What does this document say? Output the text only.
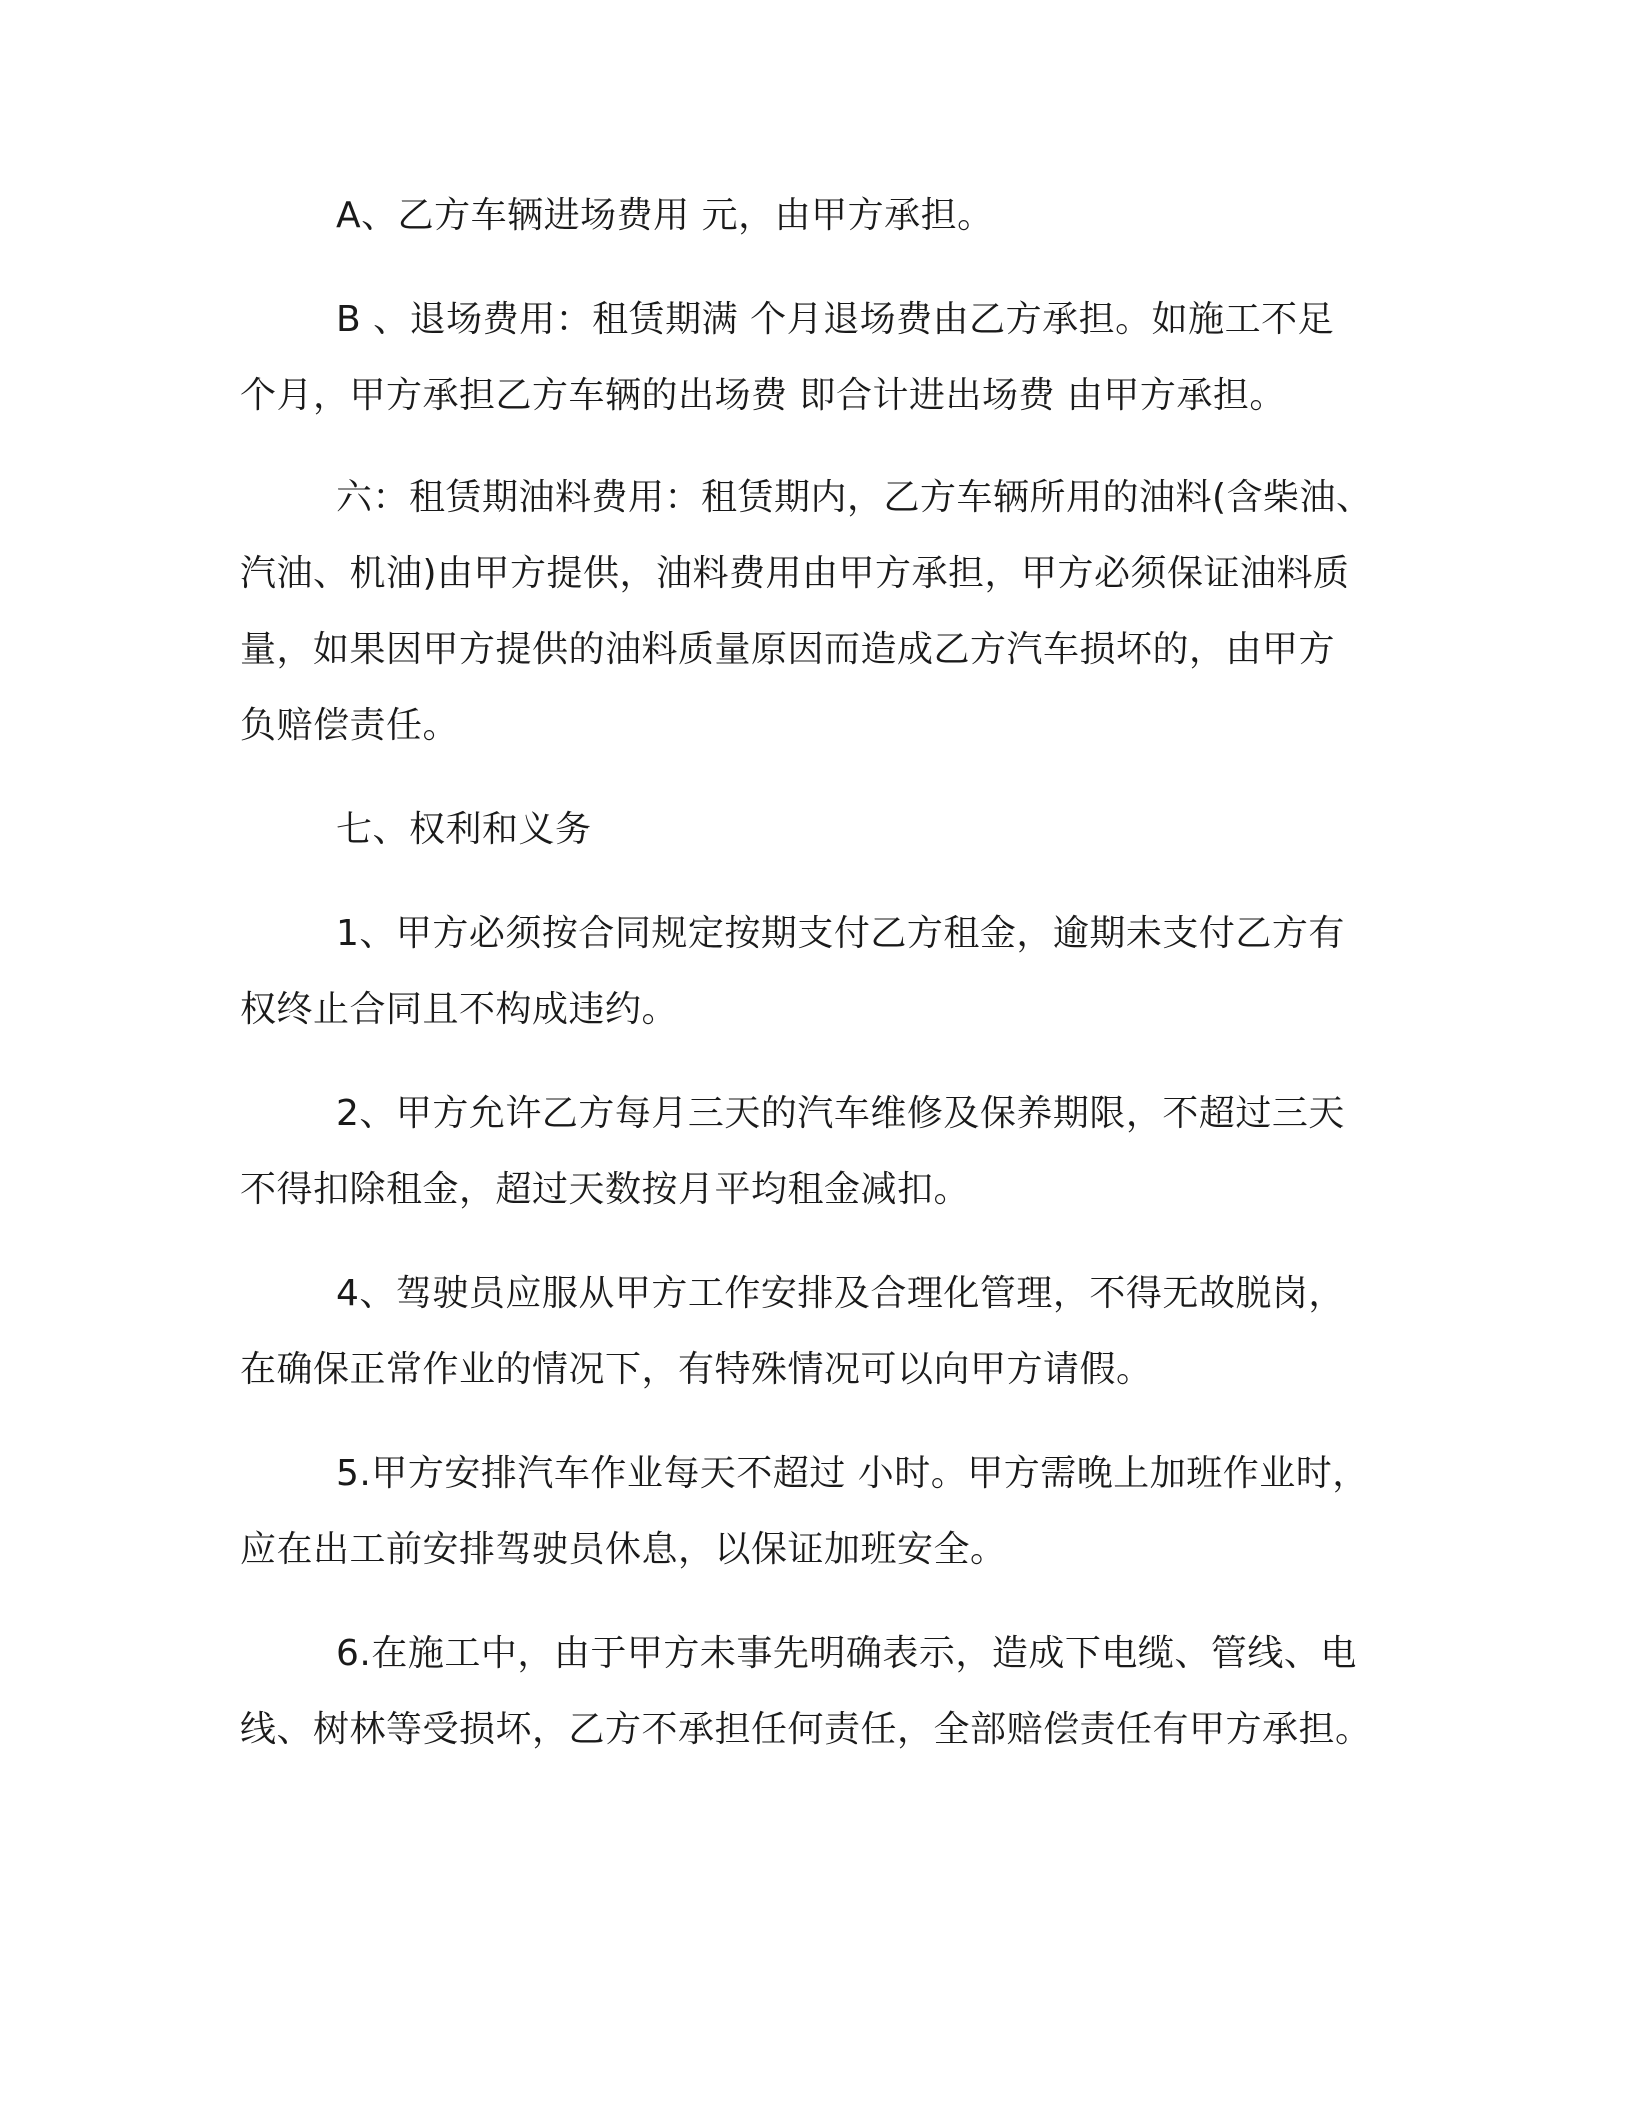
A、乙方车辆进场费用 元，由甲方承担。
B 、退场费用：租赁期满 个月退场费由乙方承担。如施工不足
个月，甲方承担乙方车辆的出场费 即合计进出场费 由甲方承担。
六：租赁期油料费用：租赁期内，乙方车辆所用的油料(含柴油、
汽油、机油)由甲方提供，油料费用由甲方承担，甲方必须保证油料质
量，如果因甲方提供的油料质量原因而造成乙方汽车损坏的，由甲方
负赔偿责任。
七、权利和义务
1、甲方必须按合同规定按期支付乙方租金，逾期未支付乙方有
权终止合同且不构成违约。
2、甲方允许乙方每月三天的汽车维修及保养期限，不超过三天
不得扣除租金，超过天数按月平均租金减扣。
4、驾驶员应服从甲方工作安排及合理化管理，不得无故脱岗，
在确保正常作业的情况下，有特殊情况可以向甲方请假。
5.甲方安排汽车作业每天不超过 小时。甲方需晚上加班作业时，
应在出工前安排驾驶员休息，以保证加班安全。
6.在施工中，由于甲方未事先明确表示，造成下电缆、管线、电
线、树林等受损坏，乙方不承担任何责任，全部赔偿责任有甲方承担。
